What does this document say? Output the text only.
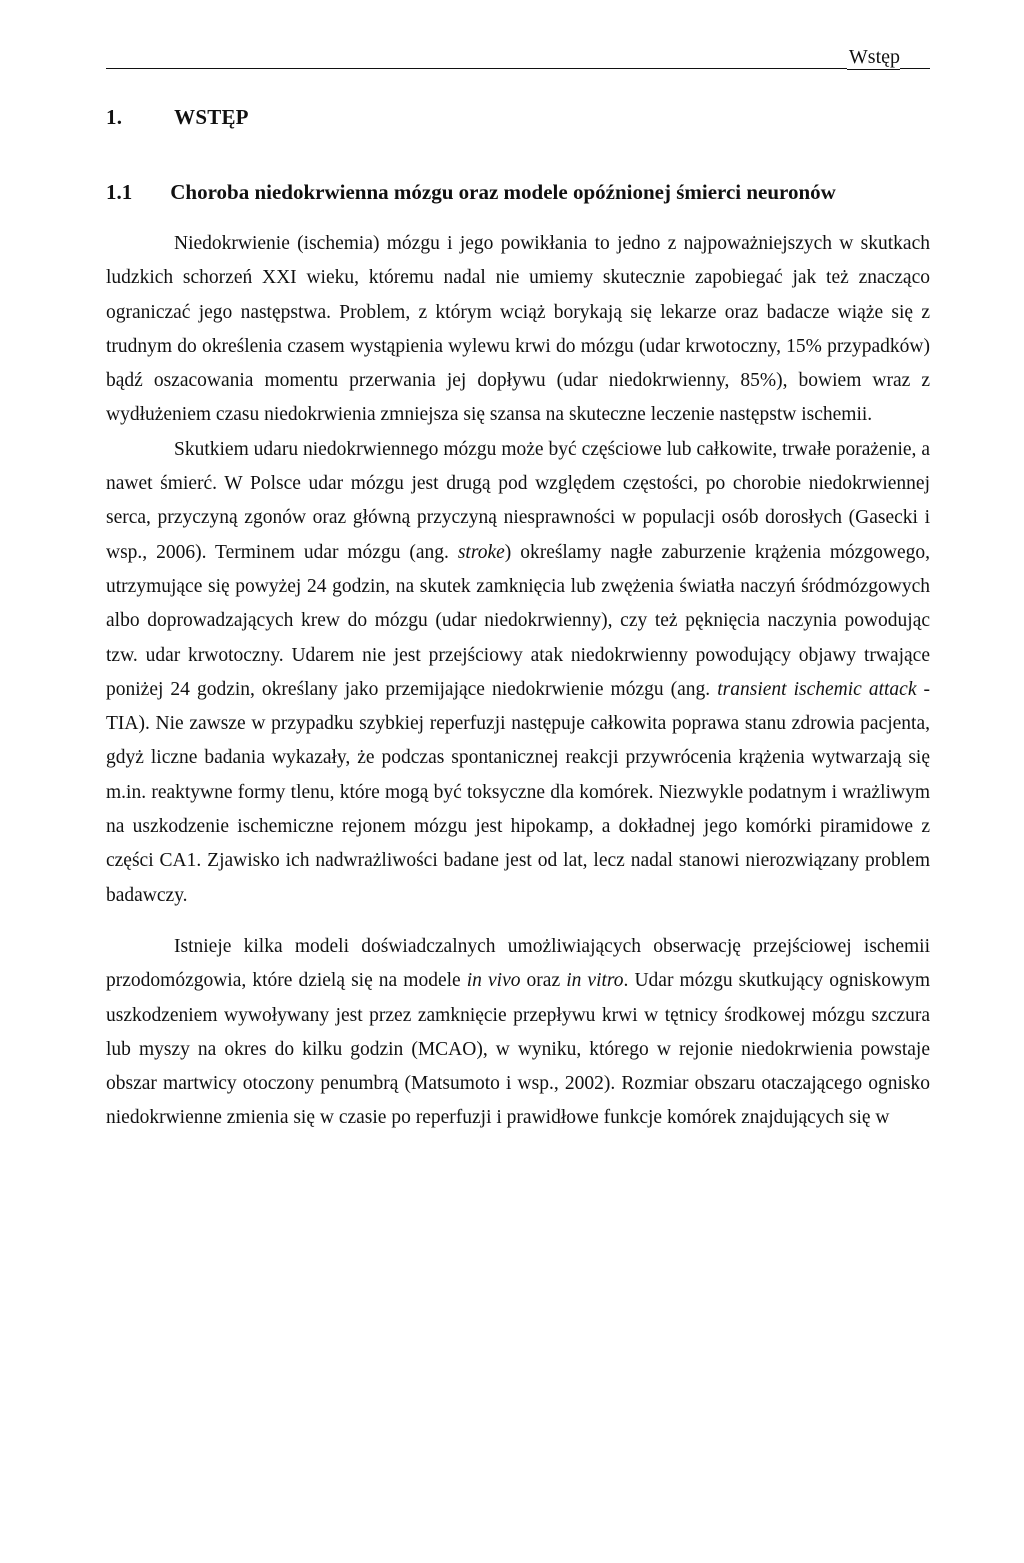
Wstęp
1. WSTĘP
1.1 Choroba niedokrwienna mózgu oraz modele opóźnionej śmierci neuronów

Niedokrwienie (ischemia) mózgu i jego powikłania to jedno z najpoważniejszych w skutkach ludzkich schorzeń XXI wieku, któremu nadal nie umiemy skutecznie zapobiegać jak też znacząco ograniczać jego następstwa. Problem, z którym wciąż borykają się lekarze oraz badacze wiąże się z trudnym do określenia czasem wystąpienia wylewu krwi do mózgu (udar krwotoczny, 15% przypadków) bądź oszacowania momentu przerwania jej dopływu (udar niedokrwienny, 85%), bowiem wraz z wydłużeniem czasu niedokrwienia zmniejsza się szansa na skuteczne leczenie następstw ischemii.

Skutkiem udaru niedokrwiennego mózgu może być częściowe lub całkowite, trwałe porażenie, a nawet śmierć. W Polsce udar mózgu jest drugą pod względem częstości, po chorobie niedokrwiennej serca, przyczyną zgonów oraz główną przyczyną niesprawności w populacji osób dorosłych (Gasecki i wsp., 2006). Terminem udar mózgu (ang. stroke) określamy nagłe zaburzenie krążenia mózgowego, utrzymujące się powyżej 24 godzin, na skutek zamknięcia lub zwężenia światła naczyń śródmózgowych albo doprowadzających krew do mózgu (udar niedokrwienny), czy też pęknięcia naczynia powodując tzw. udar krwotoczny. Udarem nie jest przejściowy atak niedokrwienny powodujący objawy trwające poniżej 24 godzin, określany jako przemijające niedokrwienie mózgu (ang. transient ischemic attack - TIA). Nie zawsze w przypadku szybkiej reperfuzji następuje całkowita poprawa stanu zdrowia pacjenta, gdyż liczne badania wykazały, że podczas spontanicznej reakcji przywrócenia krążenia wytwarzają się m.in. reaktywne formy tlenu, które mogą być toksyczne dla komórek. Niezwykle podatnym i wrażliwym na uszkodzenie ischemiczne rejonem mózgu jest hipokamp, a dokładnej jego komórki piramidowe z części CA1. Zjawisko ich nadwrażliwości badane jest od lat, lecz nadal stanowi nierozwiązany problem badawczy.

Istnieje kilka modeli doświadczalnych umożliwiających obserwację przejściowej ischemii przodomózgowia, które dzielą się na modele in vivo oraz in vitro. Udar mózgu skutkujący ogniskowym uszkodzeniem wywoływany jest przez zamknięcie przepływu krwi w tętnicy środkowej mózgu szczura lub myszy na okres do kilku godzin (MCAO), w wyniku, którego w rejonie niedokrwienia powstaje obszar martwicy otoczony penumbrą (Matsumoto i wsp., 2002). Rozmiar obszaru otaczającego ognisko niedokrwienne zmienia się w czasie po reperfuzji i prawidłowe funkcje komórek znajdujących się w
